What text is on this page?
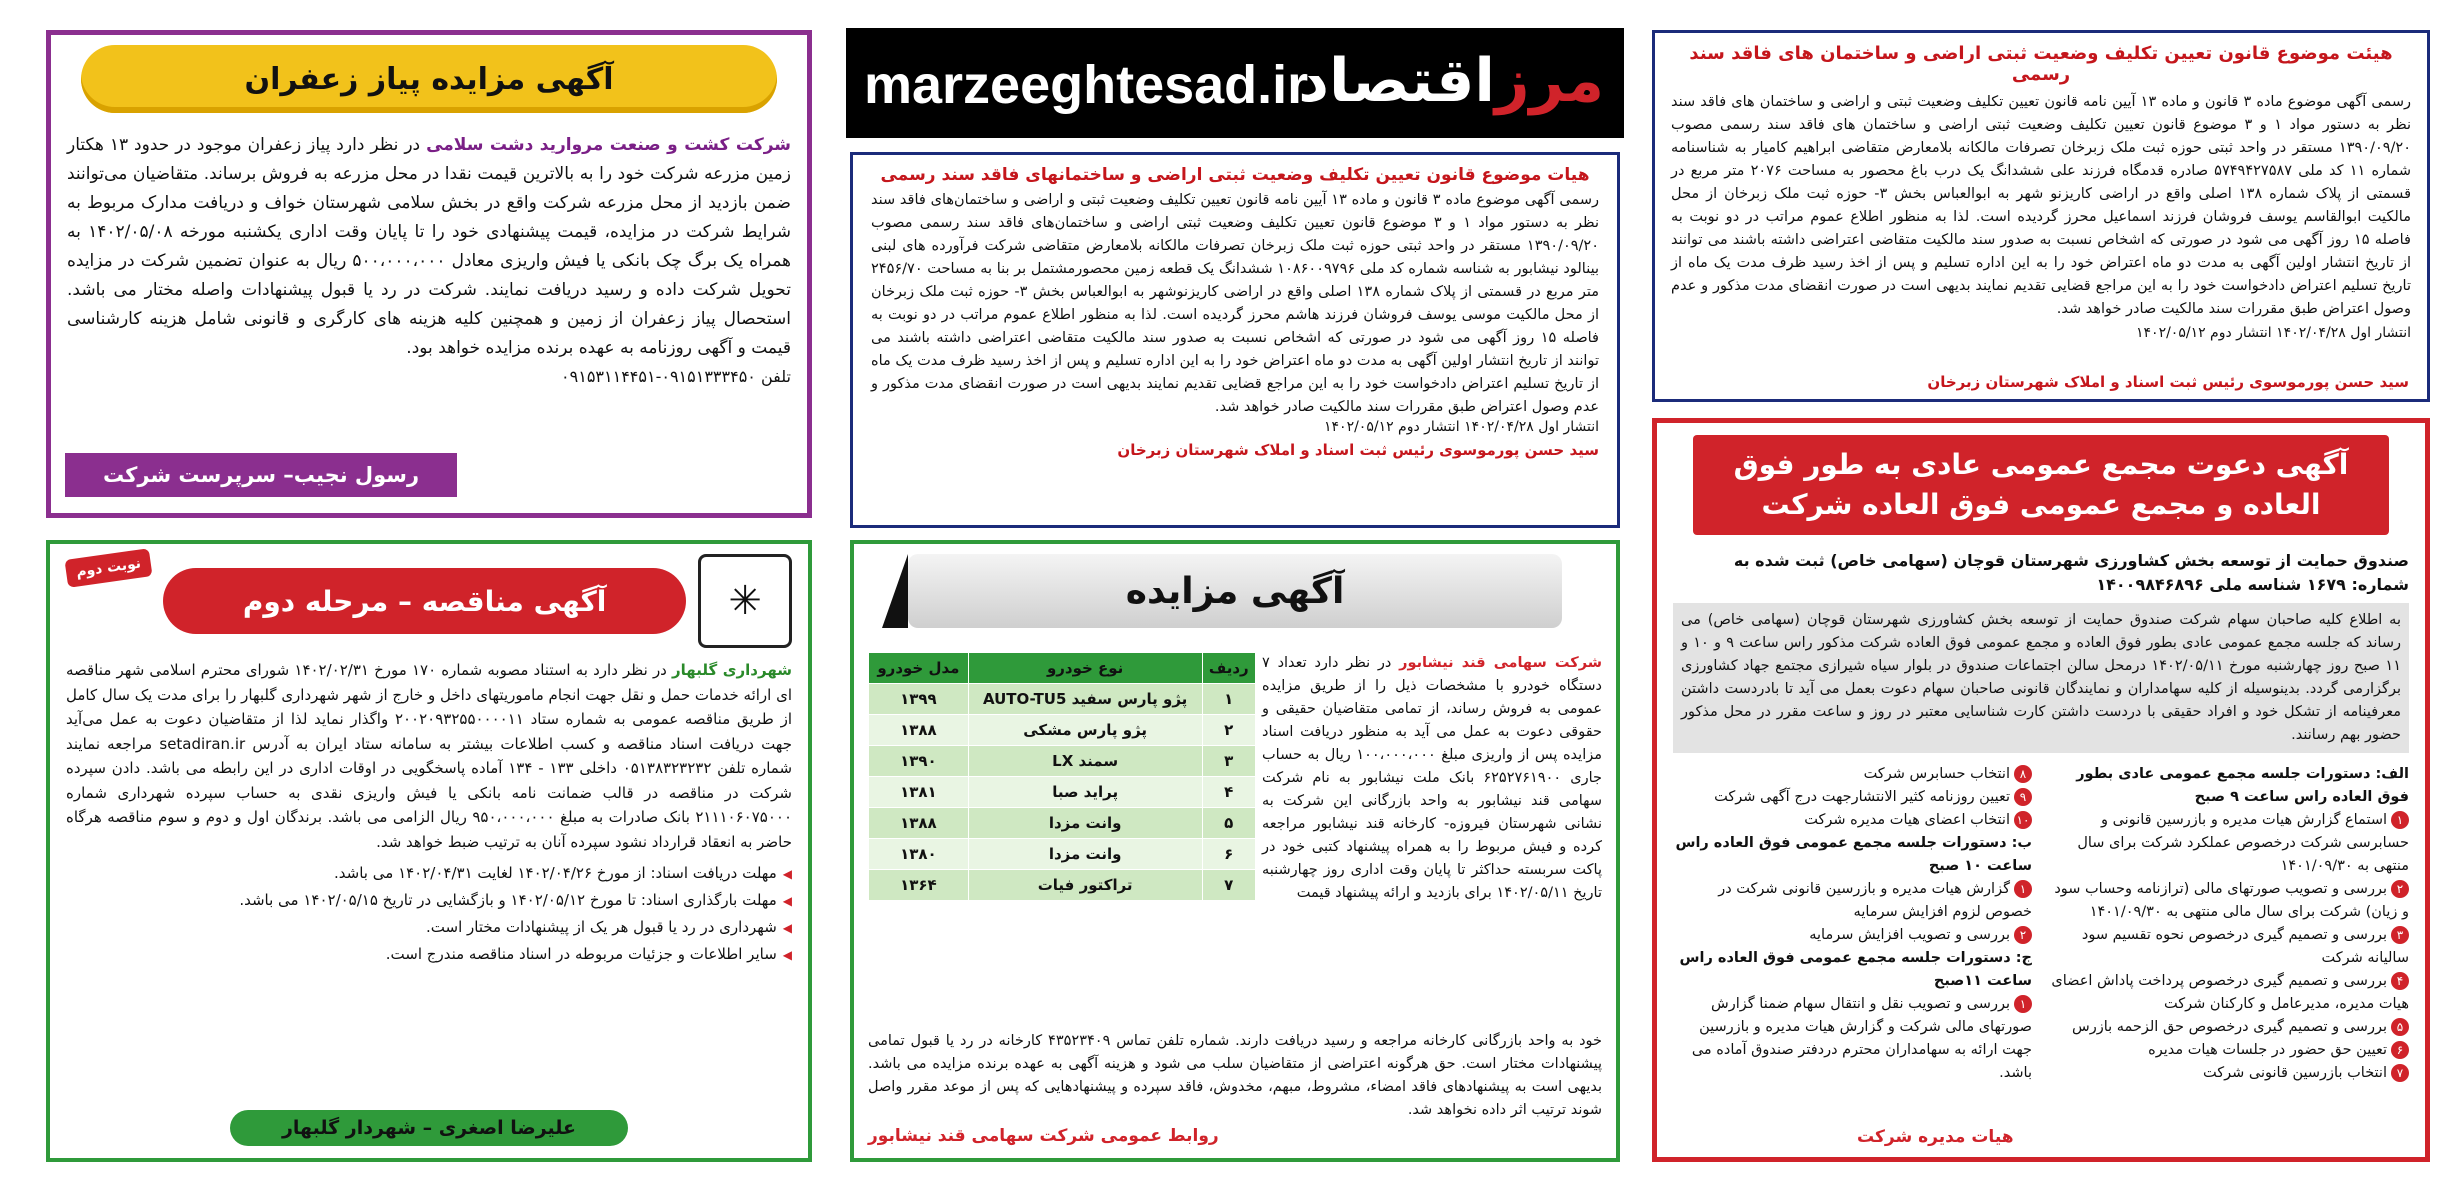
هیئت موضوع قانون تعیین تکلیف وضعیت ثبتی اراضی و ساختمان های فاقد سند رسمی

رسمی آگهی موضوع ماده ۳ قانون و ماده ۱۳ آیین نامه قانون تعیین تکلیف وضعیت ثبتی و اراضی و ساختمان های فاقد سند نظر به دستور مواد ۱ و ۳ موضوع قانون تعیین تکلیف وضعیت ثبتی اراضی و ساختمان های فاقد سند رسمی مصوب ۱۳۹۰/۰۹/۲۰ مستقر در واحد ثبتی حوزه ثبت ملک زبرخان تصرفات مالکانه بلامعارض متقاضی ابراهیم کامیار به شناسنامه شماره ۱۱ کد ملی ۵۷۴۹۴۲۷۵۸۷ صادره قدمگاه فرزند علی ششدانگ یک درب باغ محصور به مساحت ۲۰۷۶ متر مربع در قسمتی از پلاک شماره ۱۳۸ اصلی واقع در اراضی کاریزنو شهر به ابوالعباس بخش ۳- حوزه ثبت ملک زبرخان از محل مالکیت ابوالقاسم یوسف فروشان فرزند اسماعیل محرز گردیده است. لذا به منظور اطلاع عموم مراتب در دو نوبت به فاصله ۱۵ روز آگهی می شود در صورتی که اشخاص نسبت به صدور سند مالکیت متقاضی اعتراضی داشته باشند می توانند از تاریخ انتشار اولین آگهی به مدت دو ماه اعتراض خود را به این اداره تسلیم و پس از اخذ رسید ظرف مدت یک ماه از تاریخ تسلیم اعتراض دادخواست خود را به این مراجع قضایی تقدیم نمایند بدیهی است در صورت انقضای مدت مذکور و عدم وصول اعتراض طبق مقررات سند مالکیت صادر خواهد شد.

انتشار اول ۱۴۰۲/۰۴/۲۸ انتشار دوم ۱۴۰۲/۰۵/۱۲

سید حسن پورموسوی رئیس ثبت اسناد و املاک شهرستان زبرخان
marzeeghtesad.ir	مرزاقتصاد
هیات موضوع قانون تعیین تکلیف وضعیت ثبتی اراضی و ساختمانهای فاقد سند رسمی

رسمی آگهی موضوع ماده ۳ قانون و ماده ۱۳ آیین نامه قانون تعیین تکلیف وضعیت ثبتی و اراضی و ساختمان‌های فاقد سند نظر به دستور مواد ۱ و ۳ موضوع قانون تعیین تکلیف وضعیت ثبتی اراضی و ساختمان‌های فاقد سند رسمی مصوب ۱۳۹۰/۰۹/۲۰ مستقر در واحد ثبتی حوزه ثبت ملک زبرخان تصرفات مالکانه بلامعارض متقاضی شرکت فرآورده های لبنی بینالود نیشابور به شناسه شماره کد ملی ۱۰۸۶۰۰۹۷۹۶ ششدانگ یک قطعه زمین محصورمشتمل بر بنا به مساحت ۲۴۵۶/۷۰ متر مربع در قسمتی از پلاک شماره ۱۳۸ اصلی واقع در اراضی کاریزنوشهر به ابوالعباس بخش ۳- حوزه ثبت ملک زبرخان از محل مالکیت موسی یوسف فروشان فرزند هاشم محرز گردیده است. لذا به منظور اطلاع عموم مراتب در دو نوبت به فاصله ۱۵ روز آگهی می شود در صورتی که اشخاص نسبت به صدور سند مالکیت متقاضی اعتراضی داشته باشند می توانند از تاریخ انتشار اولین آگهی به مدت دو ماه اعتراض خود را به این اداره تسلیم و پس از اخذ رسید ظرف مدت یک ماه از تاریخ تسلیم اعتراض دادخواست خود را به این مراجع قضایی تقدیم نمایند بدیهی است در صورت انقضای مدت مذکور و عدم وصول اعتراض طبق مقررات سند مالکیت صادر خواهد شد.

انتشار اول ۱۴۰۲/۰۴/۲۸ انتشار دوم ۱۴۰۲/۰۵/۱۲

سید حسن پورموسوی رئیس ثبت اسناد و املاک شهرستان زبرخان
آگهی مزایده پیاز زعفران

شرکت کشت و صنعت مروارید دشت سلامی در نظر دارد پیاز زعفران موجود در حدود ۱۳ هکتار زمین مزرعه شرکت خود را به بالاترین قیمت نقدا در محل مزرعه به فروش برساند. متقاضیان می‌توانند ضمن بازدید از محل مزرعه شرکت واقع در بخش سلامی شهرستان خواف و دریافت مدارک مربوط به شرایط شرکت در مزایده، قیمت پیشنهادی خود را تا پایان وقت اداری یکشنبه مورخه ۱۴۰۲/۰۵/۰۸ به همراه یک برگ چک بانکی یا فیش واریزی معادل ۵۰۰،۰۰۰،۰۰۰ ریال به عنوان تضمین شرکت در مزایده تحویل شرکت داده و رسید دریافت نمایند. شرکت در رد یا قبول پیشنهادات واصله مختار می باشد. استحصال پیاز زعفران از زمین و همچنین کلیه هزینه های کارگری و قانونی شامل هزینه کارشناسی قیمت و آگهی روزنامه به عهده برنده مزایده خواهد بود.

تلفن ۰۹۱۵۱۳۳۳۴۵۰-۰۹۱۵۳۱۱۴۴۵۱

رسول نجیب– سرپرست شرکت	آگهی دعوت مجمع عمومی عادی به طور فوق العاده و مجمع عمومی فوق العاده شرکت
صندوق حمایت از توسعه بخش کشاورزی شهرستان قوچان (سهامی خاص) ثبت شده به شماره: ۱۶۷۹ شناسه ملی ۱۴۰۰۹۸۴۶۸۹۶
به اطلاع کلیه صاحبان سهام شرکت صندوق حمایت از توسعه بخش کشاورزی شهرستان قوچان (سهامی خاص) می رساند که جلسه مجمع عمومی عادی بطور فوق العاده و مجمع عمومی فوق العاده شرکت مذکور راس ساعت ۹ و ۱۰ و ۱۱ صبح روز چهارشنبه مورخ ۱۴۰۲/۰۵/۱۱ درمحل سالن اجتماعات صندوق در بلوار سیاه شیرازی مجتمع جهاد کشاورزی برگزارمی گردد. بدینوسیله از کلیه سهامداران و نمایندگان قانونی صاحبان سهام دعوت بعمل می آید تا بادردست داشتن معرفینامه از تشکل خود و افراد حقیقی با دردست داشتن کارت شناسایی معتبر در روز و ساعت مقرر در محل مذکور حضور بهم رسانند.
الف: دستورات جلسه مجمع عمومی عادی بطور فوق العاده راس ساعت ۹ صبح
۱استماع گزارش هیات مدیره و بازرسین قانونی و حسابرسی شرکت درخصوص عملکرد شرکت برای سال منتهی به ۱۴۰۱/۰۹/۳۰
۲بررسی و تصویب صورتهای مالی (ترازنامه وحساب سود و زیان) شرکت برای سال مالی منتهی به ۱۴۰۱/۰۹/۳۰
۳بررسی و تصمیم گیری درخصوص نحوه تقسیم سود سالیانه شرکت
۴بررسی و تصمیم گیری درخصوص پرداخت پاداش اعضای هیات مدیره، مدیرعامل و کارکنان شرکت
۵بررسی و تصمیم گیری درخصوص حق الزحمه بازرس
۶تعیین حق حضور در جلسات هیات مدیره
۷انتخاب بازرسین قانونی شرکت
۸انتخاب حسابرس شرکت
۹تعیین روزنامه کثیر الانتشارجهت درج آگهی شرکت
۱۰انتخاب اعضای هیات مدیره شرکت
ب: دستورات جلسه مجمع عمومی فوق العاده راس ساعت ۱۰ صبح
۱گزارش هیات مدیره و بازرسین قانونی شرکت در خصوص لزوم افزایش سرمایه
۲بررسی و تصویب افزایش سرمایه
ج: دستورات جلسه مجمع عمومی فوق العاده راس ساعت ۱۱صبح
۱بررسی و تصویب نقل و انتقال سهام ضمنا گزارش صورتهای مالی شرکت و گزارش هیات مدیره و بازرسین جهت ارائه به سهامداران محترم دردفتر صندوق آماده می باشد.
هیات مدیره شرکت
آگهی مزایده

شرکت سهامی قند نیشابور در نظر دارد تعداد ۷ دستگاه خودرو با مشخصات ذیل را از طریق مزایده عمومی به فروش رساند، از تمامی متقاضیان حقیقی و حقوقی دعوت به عمل می آید به منظور دریافت اسناد مزایده پس از واریزی مبلغ ۱۰۰،۰۰۰،۰۰۰ ریال به حساب جاری ۶۲۵۲۷۶۱۹۰۰ بانک ملت نیشابور به نام شرکت سهامی قند نیشابور به واحد بازرگانی این شرکت به نشانی شهرستان فیروزه- کارخانه قند نیشابور مراجعه کرده و فیش مربوط را به همراه پیشنهاد کتبی خود در پاکت سربسته حداکثر تا پایان وقت اداری روز چهارشنبه تاریخ ۱۴۰۲/۰۵/۱۱ برای بازدید و ارائه پیشنهاد قیمت

ردیف	نوع خودرو	مدل خودرو
۱	پژو پارس سفید AUTO-TU5	۱۳۹۹
۲	پژو پارس مشکی	۱۳۸۸
۳	سمند LX	۱۳۹۰
۴	پراید صبا	۱۳۸۱
۵	وانت مزدا	۱۳۸۸
۶	وانت مزدا	۱۳۸۰
۷	تراکتور فیات	۱۳۶۴

خود به واحد بازرگانی کارخانه مراجعه و رسید دریافت دارند. شماره تلفن تماس ۴۳۵۲۳۴۰۹ کارخانه در رد یا قبول تمامی پیشنهادات مختار است. حق هرگونه اعتراضی از متقاضیان سلب می شود و هزینه آگهی به عهده برنده مزایده می باشد. بدیهی است به پیشنهادهای فاقد امضاء، مشروط، مبهم، مخدوش، فاقد سپرده و پیشنهادهایی که پس از موعد مقرر واصل شوند ترتیب اثر داده نخواهد شد.

روابط عمومی شرکت سهامی قند نیشابور
✳
آگهی مناقصه – مرحله دوم
نوبت دوم

شهرداری گلبهار در نظر دارد به استناد مصوبه شماره ۱۷۰ مورخ ۱۴۰۲/۰۲/۳۱ شورای محترم اسلامی شهر مناقصه ای ارائه خدمات حمل و نقل جهت انجام ماموریتهای داخل و خارج از شهر شهرداری گلبهار را برای مدت یک سال کامل از طریق مناقصه عمومی به شماره ستاد ۲۰۰۲۰۹۳۲۵۵۰۰۰۰۱۱ واگذار نماید لذا از متقاضیان دعوت به عمل می‌آید جهت دریافت اسناد مناقصه و کسب اطلاعات بیشتر به سامانه ستاد ایران به آدرس setadiran.ir مراجعه نمایند شماره تلفن ۰۵۱۳۸۳۲۳۲۳۲ داخلی ۱۳۳ - ۱۳۴ آماده پاسخگویی در اوقات اداری در این رابطه می باشد. دادن سپرده شرکت در مناقصه در قالب ضمانت نامه بانکی یا فیش واریزی نقدی به حساب سپرده شهرداری شماره ۲۱۱۱۰۶۰۷۵۰۰۰ بانک صادرات به مبلغ ۹۵۰،۰۰۰،۰۰۰ ریال الزامی می باشد. برندگان اول و دوم و سوم مناقصه هرگاه حاضر به انعقاد قرارداد نشود سپرده آنان به ترتیب ضبط خواهد شد.

◀ مهلت دریافت اسناد: از مورخ ۱۴۰۲/۰۴/۲۶ لغایت ۱۴۰۲/۰۴/۳۱ می باشد.
◀ مهلت بارگذاری اسناد: تا مورخ ۱۴۰۲/۰۵/۱۲ و بازگشایی در تاریخ ۱۴۰۲/۰۵/۱۵ می باشد.
◀ شهرداری در رد یا قبول هر یک از پیشنهادات مختار است.
◀ سایر اطلاعات و جزئیات مربوطه در اسناد مناقصه مندرج است.
علیرضا اصغری – شهردار گلبهار
